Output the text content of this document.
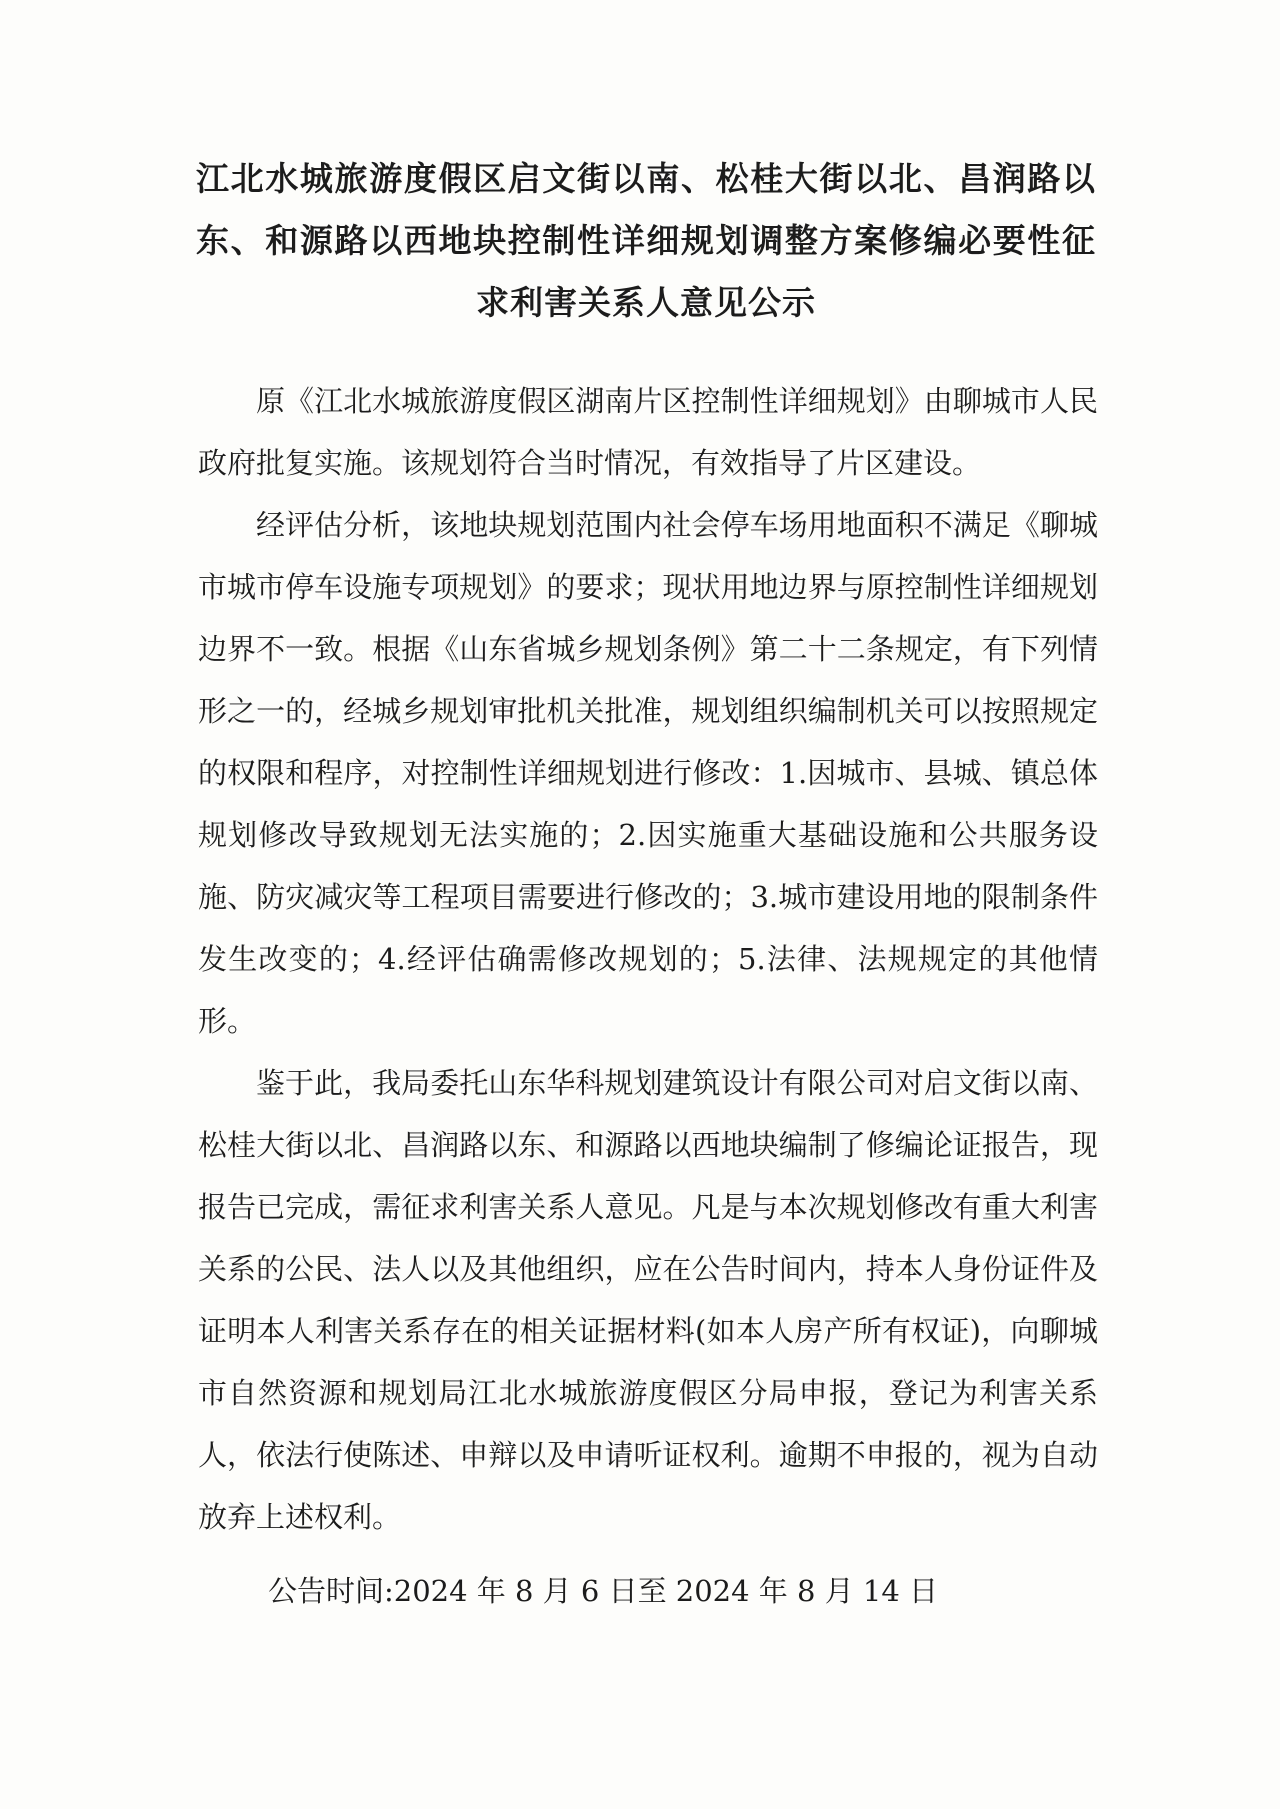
江北水城旅游度假区启文街以南、松桂大街以北、昌润路以东、和源路以西地块控制性详细规划调整方案修编必要性征求利害关系人意见公示

原《江北水城旅游度假区湖南片区控制性详细规划》由聊城市人民政府批复实施。该规划符合当时情况，有效指导了片区建设。

经评估分析，该地块规划范围内社会停车场用地面积不满足《聊城市城市停车设施专项规划》的要求；现状用地边界与原控制性详细规划边界不一致。根据《山东省城乡规划条例》第二十二条规定，有下列情形之一的，经城乡规划审批机关批准，规划组织编制机关可以按照规定的权限和程序，对控制性详细规划进行修改：1.因城市、县城、镇总体规划修改导致规划无法实施的；2.因实施重大基础设施和公共服务设施、防灾减灾等工程项目需要进行修改的；3.城市建设用地的限制条件发生改变的；4.经评估确需修改规划的；5.法律、法规规定的其他情形。

鉴于此，我局委托山东华科规划建筑设计有限公司对启文街以南、松桂大街以北、昌润路以东、和源路以西地块编制了修编论证报告，现报告已完成，需征求利害关系人意见。凡是与本次规划修改有重大利害关系的公民、法人以及其他组织，应在公告时间内，持本人身份证件及证明本人利害关系存在的相关证据材料(如本人房产所有权证)，向聊城市自然资源和规划局江北水城旅游度假区分局申报，登记为利害关系人，依法行使陈述、申辩以及申请听证权利。逾期不申报的，视为自动放弃上述权利。

公告时间:2024 年 8 月 6 日至 2024 年 8 月 14 日
